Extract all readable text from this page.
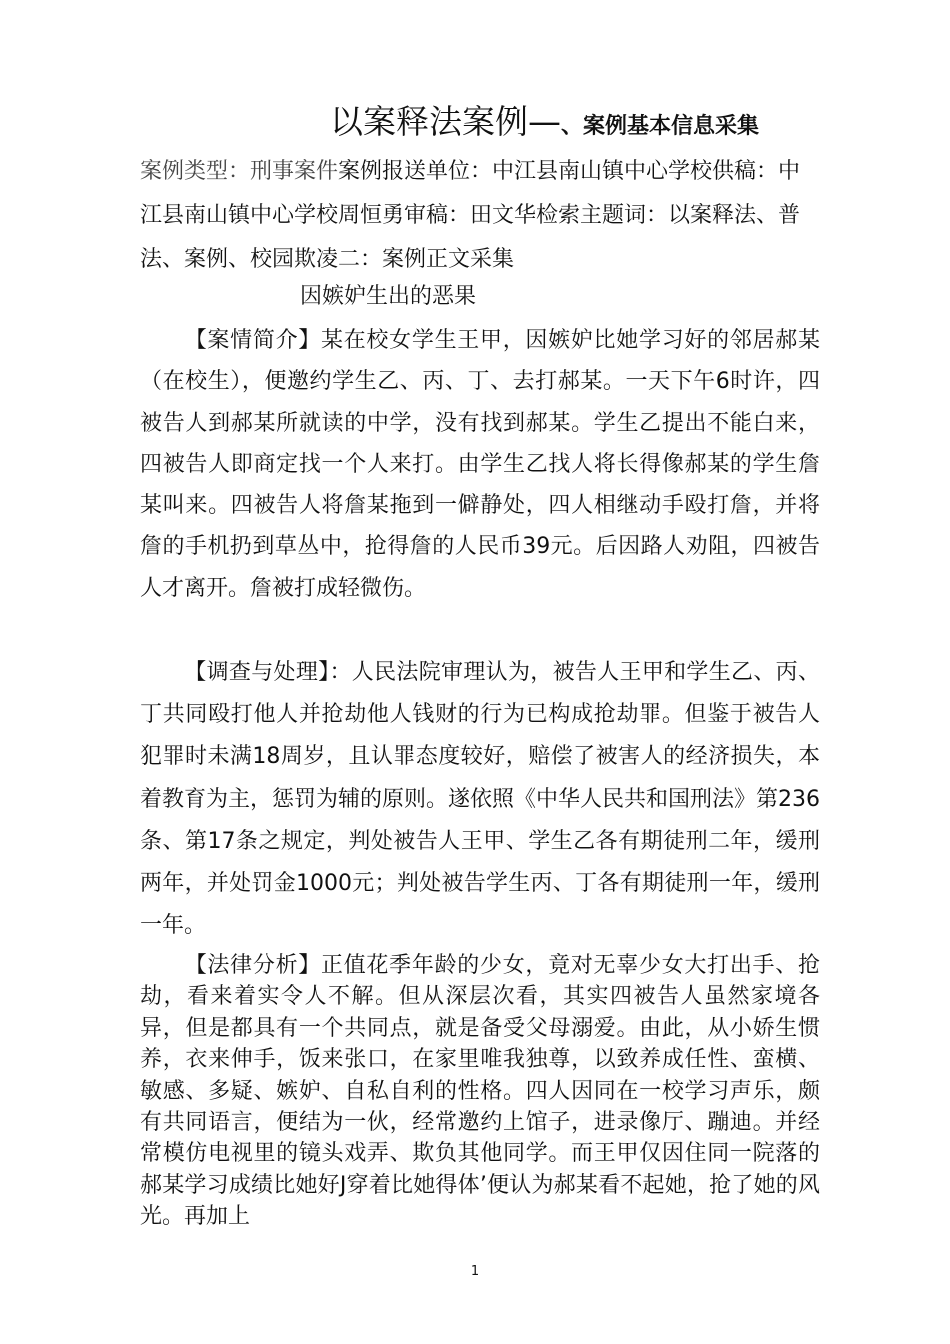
以案释法案例—、案例基本信息采集
案例类型：刑事案件案例报送单位：中江县南山镇中心学校供稿：中江县南山镇中心学校周恒勇审稿：田文华检索主题词：以案释法、普法、案例、校园欺凌二：案例正文采集
因嫉妒生出的恶果
【案情简介】某在校女学生王甲，因嫉妒比她学习好的邻居郝某（在校生），便邀约学生乙、丙、丁、去打郝某。一天下午6时许，四被告人到郝某所就读的中学，没有找到郝某。学生乙提出不能白来，四被告人即商定找一个人来打。由学生乙找人将长得像郝某的学生詹某叫来。四被告人将詹某拖到一僻静处，四人相继动手殴打詹，并将詹的手机扔到草丛中，抢得詹的人民币39元。后因路人劝阻，四被告人才离开。詹被打成轻微伤。
【调查与处理】：人民法院审理认为，被告人王甲和学生乙、丙、丁共同殴打他人并抢劫他人钱财的行为已构成抢劫罪。但鉴于被告人犯罪时未满18周岁，且认罪态度较好，赔偿了被害人的经济损失，本着教育为主，惩罚为辅的原则。遂依照《中华人民共和国刑法》第236条、第17条之规定，判处被告人王甲、学生乙各有期徒刑二年，缓刑两年，并处罚金1000元；判处被告学生丙、丁各有期徒刑一年，缓刑一年。
【法律分析】正值花季年龄的少女，竟对无辜少女大打出手、抢劫，看来着实令人不解。但从深层次看，其实四被告人虽然家境各异，但是都具有一个共同点，就是备受父母溺爱。由此，从小娇生惯养，衣来伸手，饭来张口，在家里唯我独尊，以致养成任性、蛮横、敏感、多疑、嫉妒、自私自利的性格。四人因同在一校学习声乐，颇有共同语言，便结为一伙，经常邀约上馆子，进录像厅、蹦迪。并经常模仿电视里的镜头戏弄、欺负其他同学。而王甲仅因住同一院落的郝某学习成绩比她好J穿着比她得体’便认为郝某看不起她，抢了她的风光。再加上
1
